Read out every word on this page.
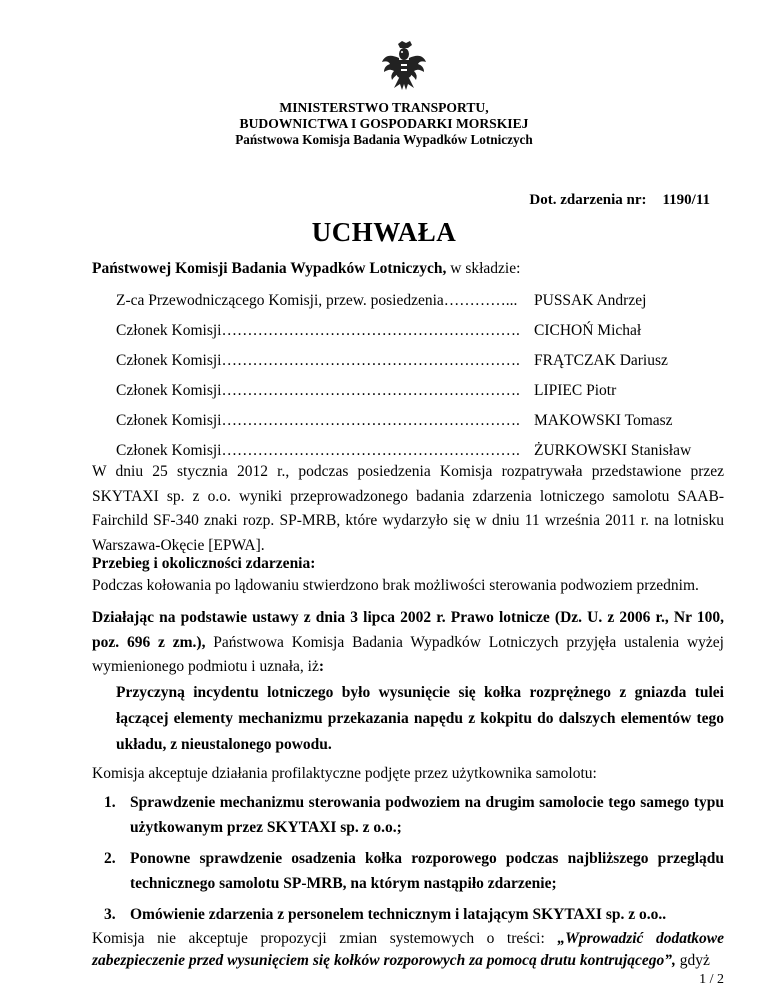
MINISTERSTWO TRANSPORTU,
BUDOWNICTWA I GOSPODARKI MORSKIEJ
Państwowa Komisja Badania Wypadków Lotniczych
Dot. zdarzenia nr: 1190/11
UCHWAŁA
Państwowej Komisji Badania Wypadków Lotniczych, w składzie:
Z-ca Przewodniczącego Komisji, przew. posiedzenia…………...	PUSSAK Andrzej
Członek Komisji…………………………………………………. CICHOŃ Michał
Członek Komisji…………………………………………………. FRĄTCZAK Dariusz
Członek Komisji…………………………………………………. LIPIEC Piotr
Członek Komisji…………………………………………………. MAKOWSKI Tomasz
Członek Komisji…………………………………………………. ŻURKOWSKI Stanisław
W dniu 25 stycznia 2012 r., podczas posiedzenia Komisja rozpatrywała przedstawione przez SKYTAXI sp. z o.o. wyniki przeprowadzonego badania zdarzenia lotniczego samolotu SAAB-Fairchild SF-340 znaki rozp. SP-MRB, które wydarzyło się w dniu 11 września 2011 r. na lotnisku Warszawa-Okęcie [EPWA].
Przebieg i okoliczności zdarzenia:
Podczas kołowania po lądowaniu stwierdzono brak możliwości sterowania podwoziem przednim.
Działając na podstawie ustawy z dnia 3 lipca 2002 r. Prawo lotnicze (Dz. U. z 2006 r., Nr 100, poz. 696 z zm.), Państwowa Komisja Badania Wypadków Lotniczych przyjęła ustalenia wyżej wymienionego podmiotu i uznała, iż:
Przyczyną incydentu lotniczego było wysunięcie się kołka rozprężnego z gniazda tulei łączącej elementy mechanizmu przekazania napędu z kokpitu do dalszych elementów tego układu, z nieustalonego powodu.
Komisja akceptuje działania profilaktyczne podjęte przez użytkownika samolotu:
1. Sprawdzenie mechanizmu sterowania podwoziem na drugim samolocie tego samego typu użytkowanym przez SKYTAXI sp. z o.o.;
2. Ponowne sprawdzenie osadzenia kołka rozporowego podczas najbliższego przeglądu technicznego samolotu SP-MRB, na którym nastąpiło zdarzenie;
3. Omówienie zdarzenia z personelem technicznym i latającym SKYTAXI sp. z o.o..
Komisja nie akceptuje propozycji zmian systemowych o treści: „Wprowadzić dodatkowe zabezpieczenie przed wysunięciem się kołków rozporowych za pomocą drutu kontrującego”, gdyż
1 / 2
